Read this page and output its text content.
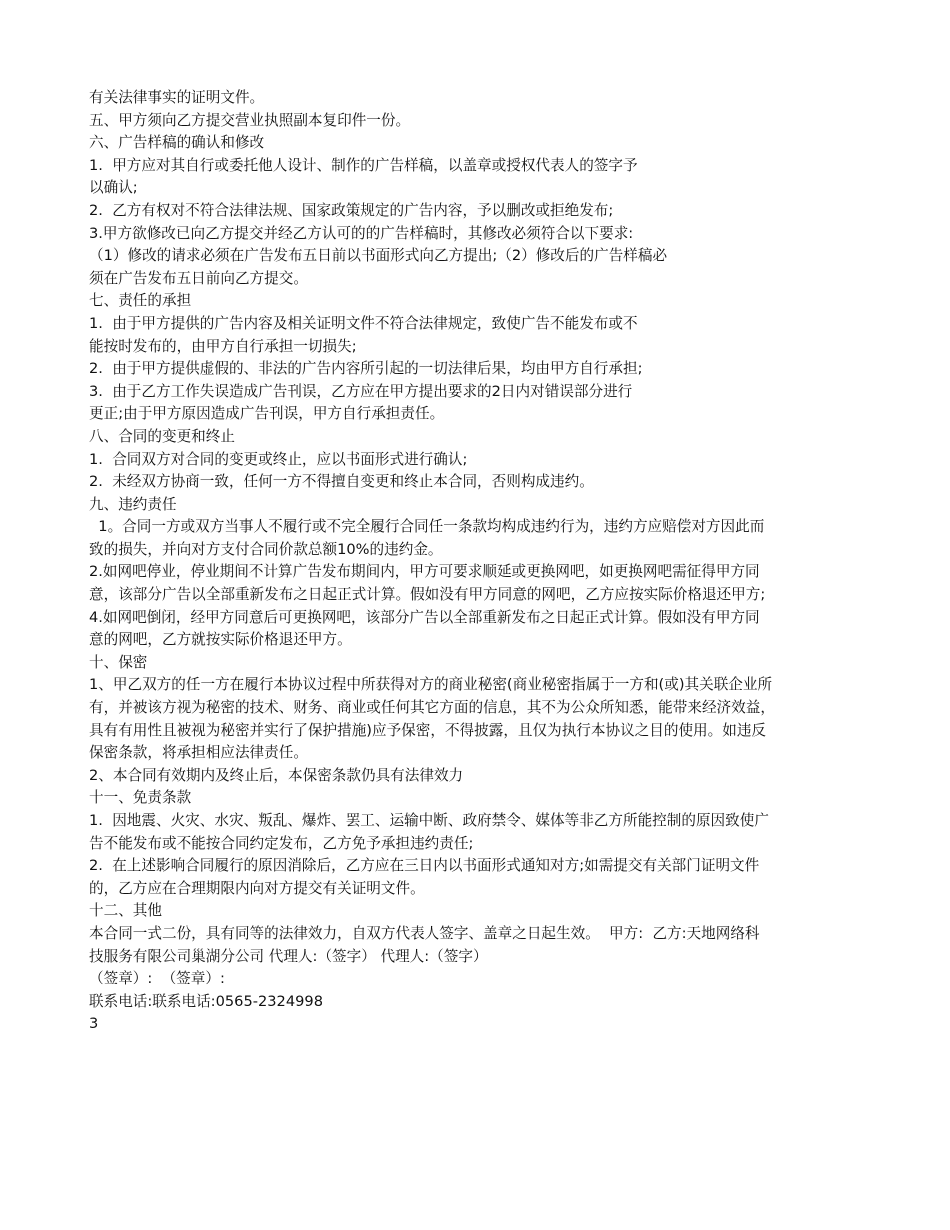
有关法律事实的证明文件。
五、甲方须向乙方提交营业执照副本复印件一份。
六、广告样稿的确认和修改
1.  甲方应对其自行或委托他人设计、制作的广告样稿，以盖章或授权代表人的签字予
以确认;
2.  乙方有权对不符合法律法规、国家政策规定的广告内容，予以删改或拒绝发布;
3.甲方欲修改已向乙方提交并经乙方认可的的广告样稿时，其修改必须符合以下要求:
（1）修改的请求必须在广告发布五日前以书面形式向乙方提出;（2）修改后的广告样稿必
须在广告发布五日前向乙方提交。
七、责任的承担
1.  由于甲方提供的广告内容及相关证明文件不符合法律规定，致使广告不能发布或不
能按时发布的，由甲方自行承担一切损失;
2.  由于甲方提供虚假的、非法的广告内容所引起的一切法律后果，均由甲方自行承担;
3.  由于乙方工作失误造成广告刊误，乙方应在甲方提出要求的2日内对错误部分进行
更正;由于甲方原因造成广告刊误，甲方自行承担责任。
八、合同的变更和终止
1.  合同双方对合同的变更或终止，应以书面形式进行确认;
2.  未经双方协商一致，任何一方不得擅自变更和终止本合同，否则构成违约。
九、违约责任
1。合同一方或双方当事人不履行或不完全履行合同任一条款均构成违约行为，违约方应赔偿对方因此而
致的损失，并向对方支付合同价款总额10%的违约金。
2.如网吧停业，停业期间不计算广告发布期间内，甲方可要求顺延或更换网吧，如更换网吧需征得甲方同
意，该部分广告以全部重新发布之日起正式计算。假如没有甲方同意的网吧，乙方应按实际价格退还甲方;
4.如网吧倒闭，经甲方同意后可更换网吧，该部分广告以全部重新发布之日起正式计算。假如没有甲方同
意的网吧，乙方就按实际价格退还甲方。
十、保密
1、甲乙双方的任一方在履行本协议过程中所获得对方的商业秘密(商业秘密指属于一方和(或)其关联企业所
有，并被该方视为秘密的技术、财务、商业或任何其它方面的信息，其不为公众所知悉，能带来经济效益，
具有有用性且被视为秘密并实行了保护措施)应予保密，不得披露，且仅为执行本协议之目的使用。如违反
保密条款，将承担相应法律责任。
2、本合同有效期内及终止后，本保密条款仍具有法律效力
十一、免责条款
1.  因地震、火灾、水灾、叛乱、爆炸、罢工、运输中断、政府禁令、媒体等非乙方所能控制的原因致使广
告不能发布或不能按合同约定发布，乙方免予承担违约责任;
2.  在上述影响合同履行的原因消除后，乙方应在三日内以书面形式通知对方;如需提交有关部门证明文件
的，乙方应在合理期限内向对方提交有关证明文件。
十二、其他
本合同一式二份，具有同等的法律效力，自双方代表人签字、盖章之日起生效。  甲方:  乙方:天地网络科
技服务有限公司巢湖分公司 代理人:（签字） 代理人:（签字）
（签章）:  （签章）:
联系电话:联系电话:0565-2324998
3
